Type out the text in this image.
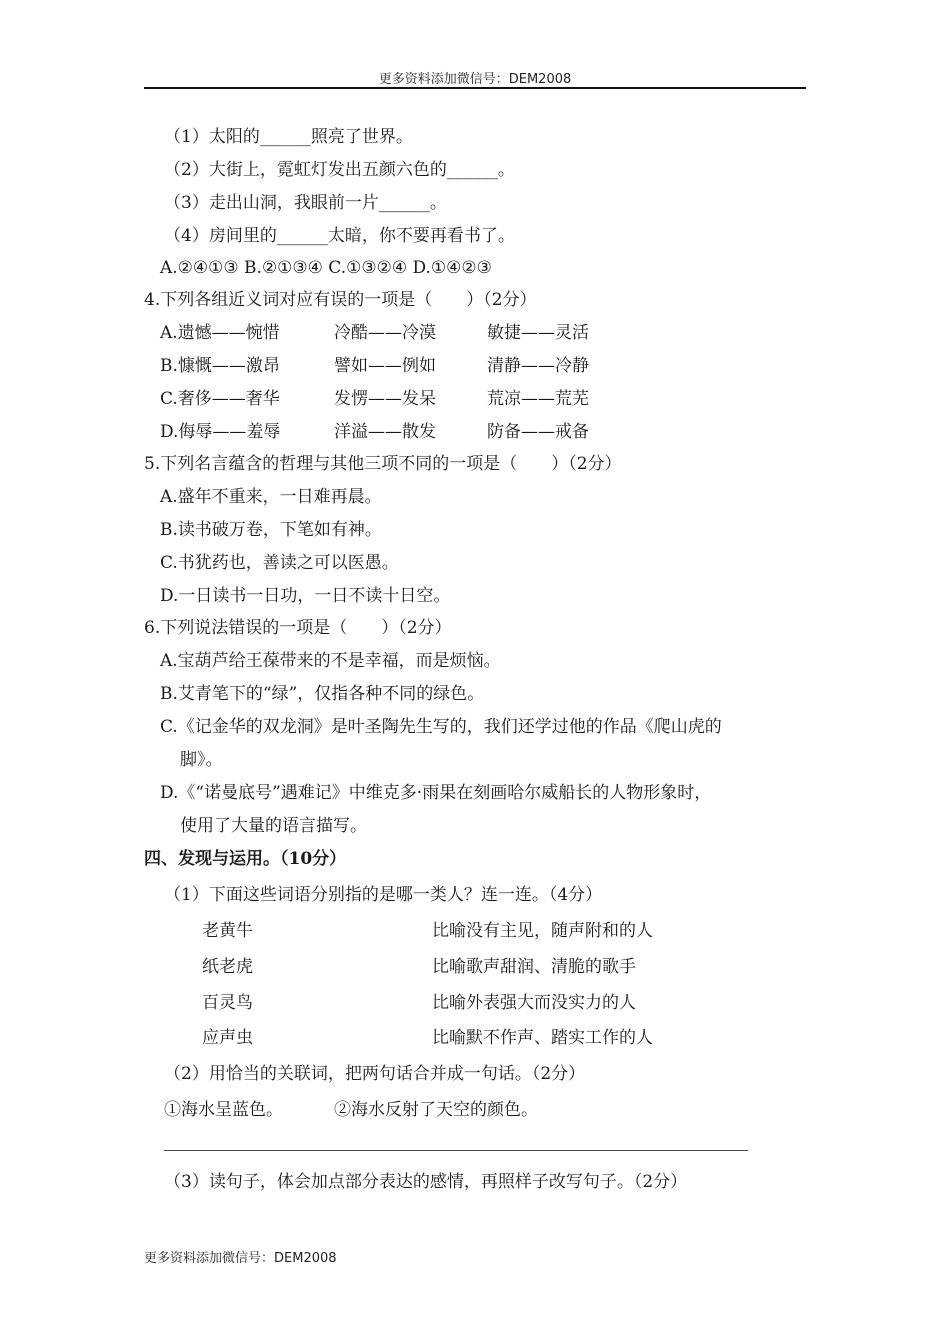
更多资料添加微信号：DEM2008
（1）太阳的______照亮了世界。
（2）大街上，霓虹灯发出五颜六色的______。
（3）走出山洞，我眼前一片______。
（4）房间里的______太暗，你不要再看书了。
A.②④①③ B.②①③④ C.①③②④ D.①④②③
4.下列各组近义词对应有误的一项是（　　）（2分）
A.遗憾——惋惜	冷酷——冷漠	敏捷——灵活
B.慷慨——激昂	譬如——例如	清静——冷静
C.奢侈——奢华	发愣——发呆	荒凉——荒芜
D.侮辱——羞辱	洋溢——散发	防备——戒备
5.下列名言蕴含的哲理与其他三项不同的一项是（　　）（2分）
A.盛年不重来，一日难再晨。
B.读书破万卷，下笔如有神。
C.书犹药也，善读之可以医愚。
D.一日读书一日功，一日不读十日空。
6.下列说法错误的一项是（　　）（2分）
A.宝葫芦给王葆带来的不是幸福，而是烦恼。
B.艾青笔下的“绿”，仅指各种不同的绿色。
C.《记金华的双龙洞》是叶圣陶先生写的，我们还学过他的作品《爬山虎的
脚》。
D.《“诺曼底号”遇难记》中维克多·雨果在刻画哈尔威船长的人物形象时，
使用了大量的语言描写。
四、发现与运用。（10分）
（1）下面这些词语分别指的是哪一类人？连一连。（4分）
老黄牛	比喻没有主见，随声附和的人
纸老虎	比喻歌声甜润、清脆的歌手
百灵鸟	比喻外表强大而没实力的人
应声虫	比喻默不作声、踏实工作的人
（2）用恰当的关联词，把两句话合并成一句话。（2分）
①海水呈蓝色。	②海水反射了天空的颜色。
（3）读句子，体会加点部分表达的感情，再照样子改写句子。（2分）
更多资料添加微信号：DEM2008
